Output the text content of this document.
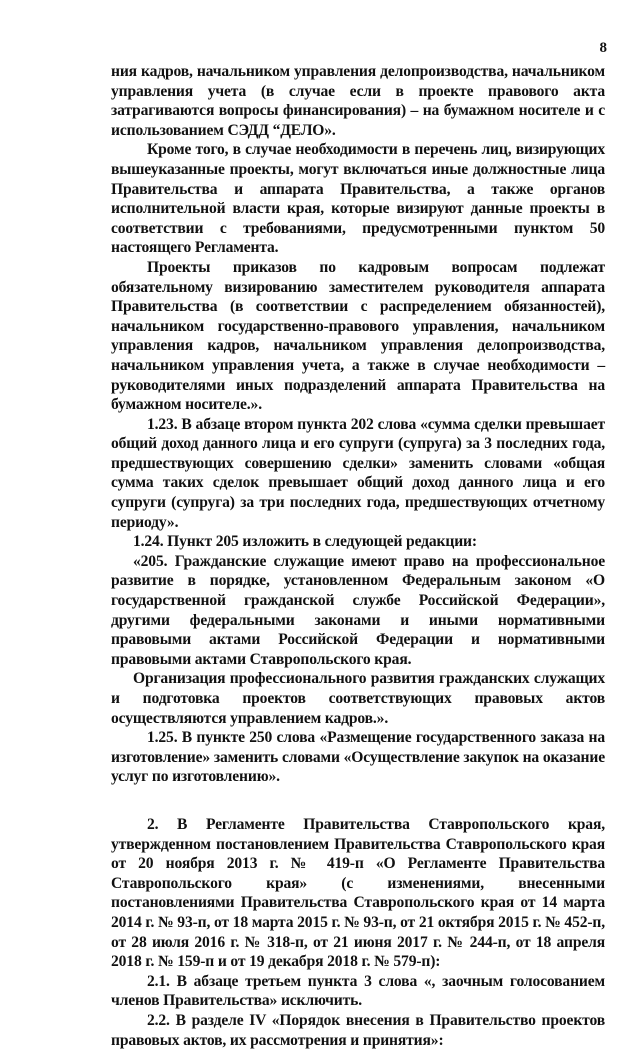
8

ния кадров, начальником управления делопроизводства, начальником управления учета (в случае если в проекте правового акта затрагиваются вопросы финансирования) – на бумажном носителе и с использованием СЭДД “ДЕЛО».

Кроме того, в случае необходимости в перечень лиц, визирующих вышеуказанные проекты, могут включаться иные должностные лица Правительства и аппарата Правительства, а также органов исполнительной власти края, которые визируют данные проекты в соответствии с требованиями, предусмотренными пунктом 50 настоящего Регламента.

Проекты приказов по кадровым вопросам подлежат обязательному визированию заместителем руководителя аппарата Правительства (в соответствии с распределением обязанностей), начальником государственно-правового управления, начальником управления кадров, начальником управления делопроизводства, начальником управления учета, а также в случае необходимости – руководителями иных подразделений аппарата Правительства на бумажном носителе.».

1.23. В абзаце втором пункта 202 слова «сумма сделки превышает общий доход данного лица и его супруги (супруга) за 3 последних года, предшествующих совершению сделки» заменить словами «общая сумма таких сделок превышает общий доход данного лица и его супруги (супруга) за три последних года, предшествующих отчетному периоду».

1.24. Пункт 205 изложить в следующей редакции:

«205. Гражданские служащие имеют право на профессиональное развитие в порядке, установленном Федеральным законом «О государственной гражданской службе Российской Федерации», другими федеральными законами и иными нормативными правовыми актами Российской Федерации и нормативными правовыми актами Ставропольского края.

Организация профессионального развития гражданских служащих и подготовка проектов соответствующих правовых актов осуществляются управлением кадров.».

1.25. В пункте 250 слова «Размещение государственного заказа на изготовление» заменить словами «Осуществление закупок на оказание услуг по изготовлению».

2. В Регламенте Правительства Ставропольского края, утвержденном постановлением Правительства Ставропольского края от 20 ноября 2013 г. № 419-п «О Регламенте Правительства Ставропольского края» (с изменениями, внесенными постановлениями Правительства Ставропольского края от 14 марта 2014 г. № 93-п, от 18 марта 2015 г. № 93-п, от 21 октября 2015 г. № 452-п, от 28 июля 2016 г. № 318-п, от 21 июня 2017 г. № 244-п, от 18 апреля 2018 г. № 159-п и от 19 декабря 2018 г. № 579-п):

2.1. В абзаце третьем пункта 3 слова «, заочным голосованием членов Правительства» исключить.

2.2. В разделе IV «Порядок внесения в Правительство проектов правовых актов, их рассмотрения и принятия»:
